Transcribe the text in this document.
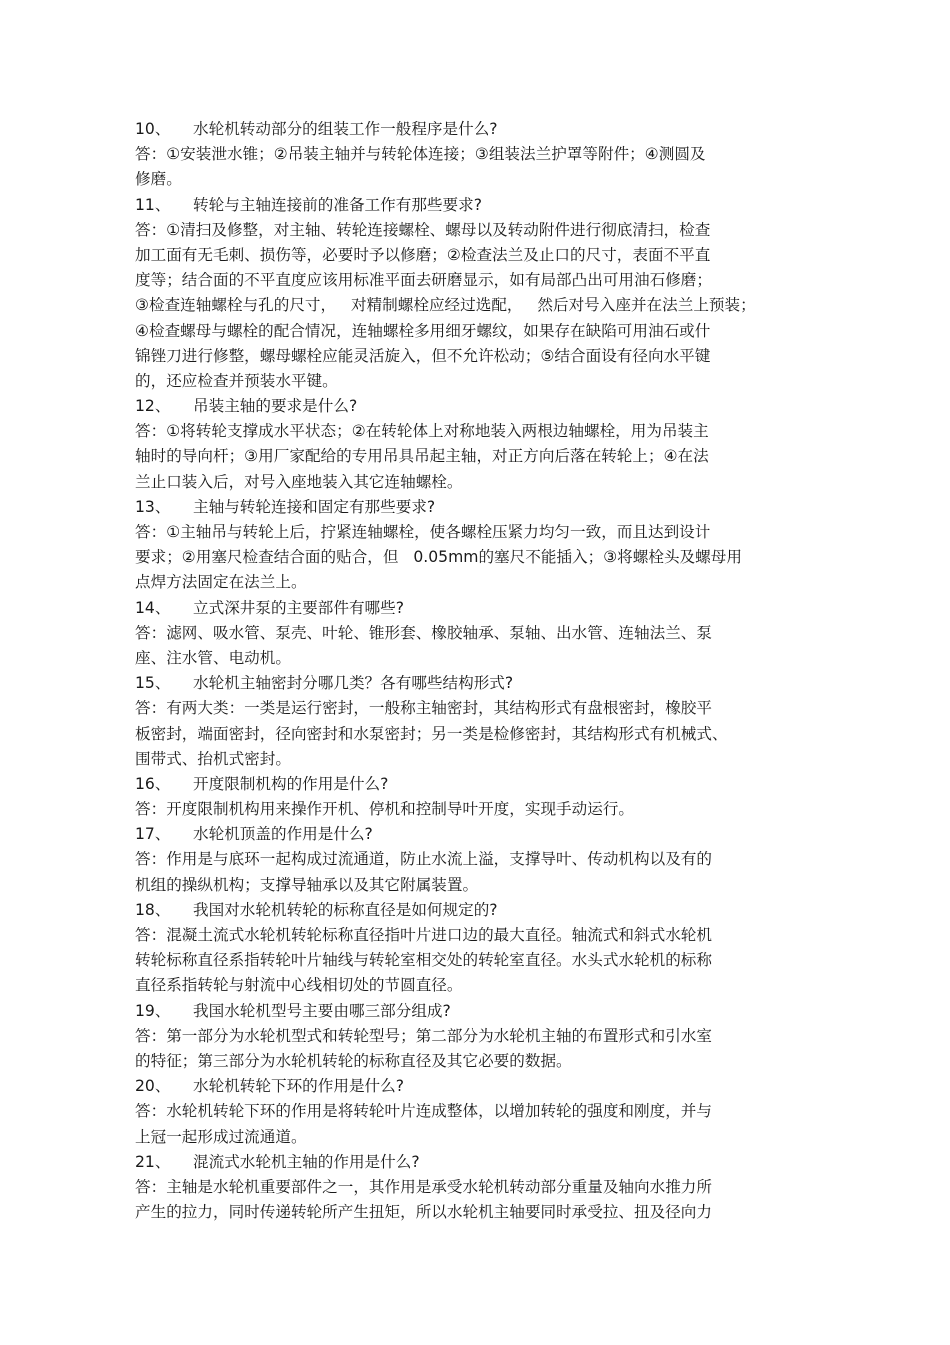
10、 水轮机转动部分的组装工作一般程序是什么?
答：①安装泄水锥；②吊装主轴并与转轮体连接；③组装法兰护罩等附件；④测圆及
修磨。
11、 转轮与主轴连接前的准备工作有那些要求?
答：①清扫及修整，对主轴、转轮连接螺栓、螺母以及转动附件进行彻底清扫，检查
加工面有无毛刺、损伤等，必要时予以修磨；②检查法兰及止口的尺寸，表面不平直
度等；结合面的不平直度应该用标准平面去研磨显示，如有局部凸出可用油石修磨；
③检查连轴螺栓与孔的尺寸，   对精制螺栓应经过选配，   然后对号入座并在法兰上预装；
④检查螺母与螺栓的配合情况，连轴螺栓多用细牙螺纹，如果存在缺陷可用油石或什
锦锉刀进行修整，螺母螺栓应能灵活旋入，但不允许松动；⑤结合面设有径向水平键
的，还应检查并预装水平键。
12、 吊装主轴的要求是什么?
答：①将转轮支撑成水平状态；②在转轮体上对称地装入两根边轴螺栓，用为吊装主
轴时的导向杆；③用厂家配给的专用吊具吊起主轴，对正方向后落在转轮上；④在法
兰止口装入后，对号入座地装入其它连轴螺栓。
13、 主轴与转轮连接和固定有那些要求?
答：①主轴吊与转轮上后，拧紧连轴螺栓，使各螺栓压紧力均匀一致，而且达到设计
要求；②用塞尺检查结合面的贴合，但   0.05mm的塞尺不能插入；③将螺栓头及螺母用
点焊方法固定在法兰上。
14、 立式深井泵的主要部件有哪些?
答：滤网、吸水管、泵壳、叶轮、锥形套、橡胶轴承、泵轴、出水管、连轴法兰、泵
座、注水管、电动机。
15、 水轮机主轴密封分哪几类？各有哪些结构形式?
答：有两大类：一类是运行密封，一般称主轴密封，其结构形式有盘根密封，橡胶平
板密封，端面密封，径向密封和水泵密封；另一类是检修密封，其结构形式有机械式、
围带式、抬机式密封。
16、 开度限制机构的作用是什么?
答：开度限制机构用来操作开机、停机和控制导叶开度，实现手动运行。
17、 水轮机顶盖的作用是什么?
答：作用是与底环一起构成过流通道，防止水流上溢，支撑导叶、传动机构以及有的
机组的操纵机构；支撑导轴承以及其它附属装置。
18、 我国对水轮机转轮的标称直径是如何规定的?
答：混凝土流式水轮机转轮标称直径指叶片进口边的最大直径。轴流式和斜式水轮机
转轮标称直径系指转轮叶片轴线与转轮室相交处的转轮室直径。水头式水轮机的标称
直径系指转轮与射流中心线相切处的节圆直径。
19、 我国水轮机型号主要由哪三部分组成?
答：第一部分为水轮机型式和转轮型号；第二部分为水轮机主轴的布置形式和引水室
的特征；第三部分为水轮机转轮的标称直径及其它必要的数据。
20、 水轮机转轮下环的作用是什么?
答：水轮机转轮下环的作用是将转轮叶片连成整体，以增加转轮的强度和刚度，并与
上冠一起形成过流通道。
21、 混流式水轮机主轴的作用是什么?
答：主轴是水轮机重要部件之一，其作用是承受水轮机转动部分重量及轴向水推力所
产生的拉力，同时传递转轮所产生扭矩，所以水轮机主轴要同时承受拉、扭及径向力
